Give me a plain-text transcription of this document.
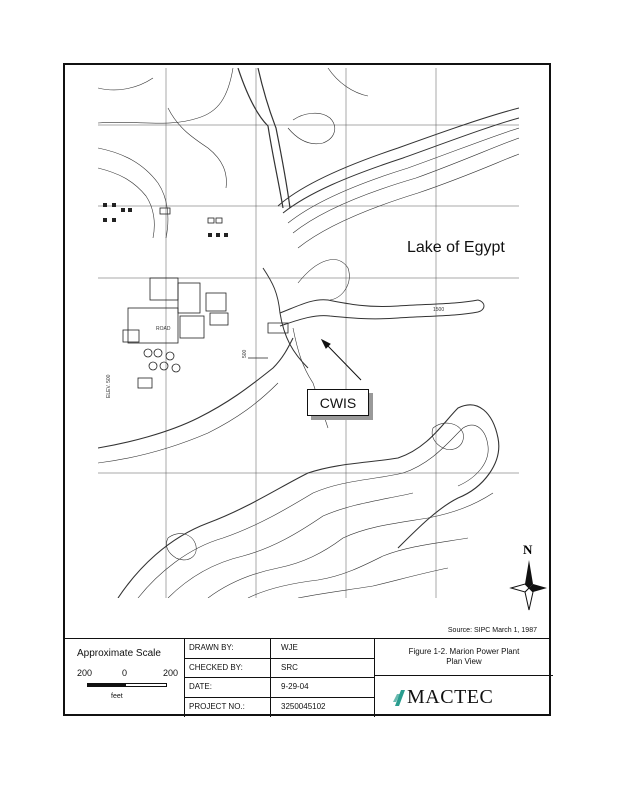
ROAD
ELEV. 500
1500
500
Lake of Egypt
CWIS
N
Source: SIPC March 1, 1987
Approximate Scale
200	0	200
feet
DRAWN BY:	WJE
CHECKED BY:	SRC
DATE:	9-29-04
PROJECT NO.:	3250045102
Figure 1-2. Marion Power Plant
Plan View
MACTEC
